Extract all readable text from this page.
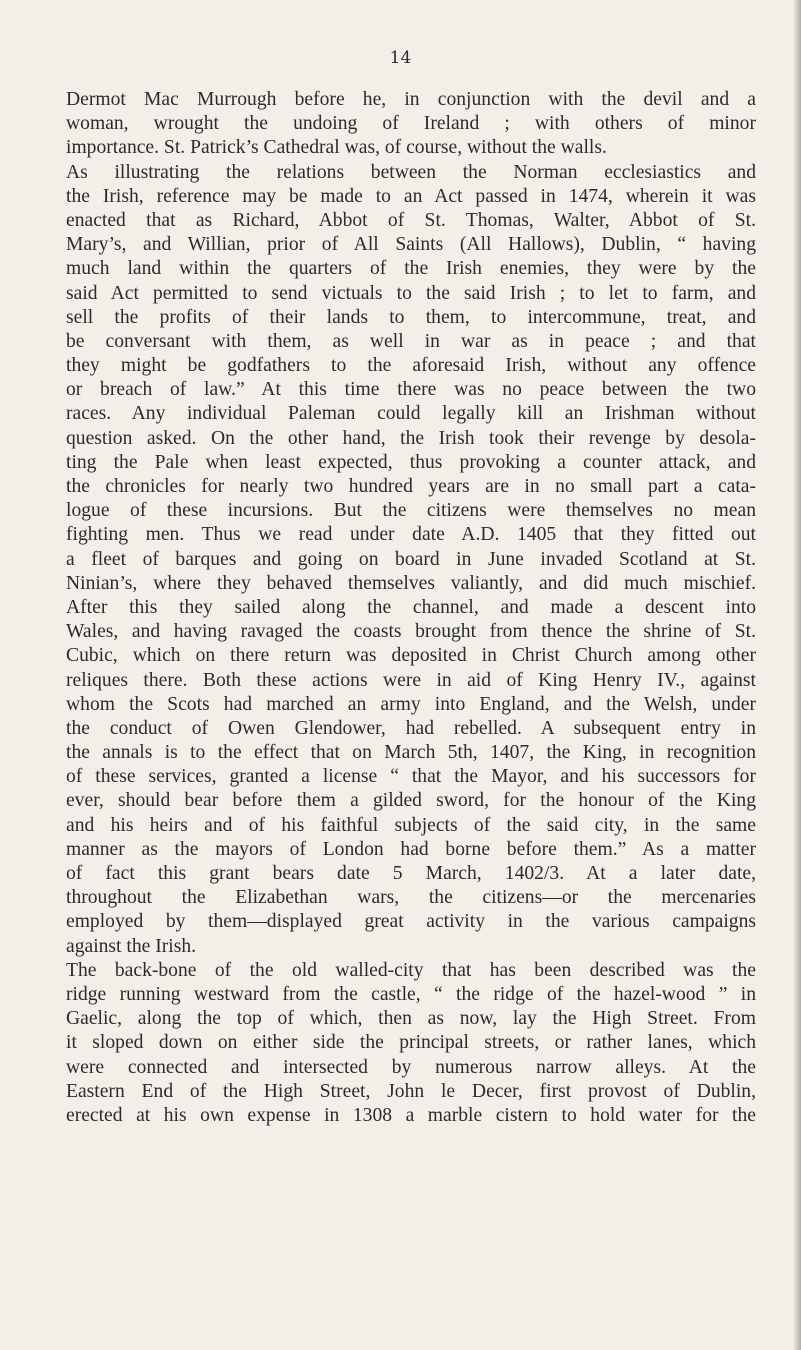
14

Dermot Mac Murrough before he, in conjunction with the devil and a
woman, wrought the undoing of Ireland ; with others of minor
importance. St. Patrick’s Cathedral was, of course, without the walls.
As illustrating the relations between the Norman ecclesiastics and
the Irish, reference may be made to an Act passed in 1474, wherein it was
enacted that as Richard, Abbot of St. Thomas, Walter, Abbot of St.
Mary’s, and Willian, prior of All Saints (All Hallows), Dublin, “ having
much land within the quarters of the Irish enemies, they were by the
said Act permitted to send victuals to the said Irish ; to let to farm, and
sell the profits of their lands to them, to intercommune, treat, and
be conversant with them, as well in war as in peace ; and that
they might be godfathers to the aforesaid Irish, without any offence
or breach of law.” At this time there was no peace between the two
races. Any individual Paleman could legally kill an Irishman without
question asked. On the other hand, the Irish took their revenge by desola-
ting the Pale when least expected, thus provoking a counter attack, and
the chronicles for nearly two hundred years are in no small part a cata-
logue of these incursions. But the citizens were themselves no mean
fighting men. Thus we read under date A.D. 1405 that they fitted out
a fleet of barques and going on board in June invaded Scotland at St.
Ninian’s, where they behaved themselves valiantly, and did much mischief.
After this they sailed along the channel, and made a descent into
Wales, and having ravaged the coasts brought from thence the shrine of St.
Cubic, which on there return was deposited in Christ Church among other
reliques there. Both these actions were in aid of King Henry IV., against
whom the Scots had marched an army into England, and the Welsh, under
the conduct of Owen Glendower, had rebelled. A subsequent entry in
the annals is to the effect that on March 5th, 1407, the King, in recognition
of these services, granted a license “ that the Mayor, and his successors for
ever, should bear before them a gilded sword, for the honour of the King
and his heirs and of his faithful subjects of the said city, in the same
manner as the mayors of London had borne before them.” As a matter
of fact this grant bears date 5 March, 1402/3. At a later date,
throughout the Elizabethan wars, the citizens—or the mercenaries
employed by them—displayed great activity in the various campaigns
against the Irish.
The back-bone of the old walled-city that has been described was the
ridge running westward from the castle, “ the ridge of the hazel-wood ” in
Gaelic, along the top of which, then as now, lay the High Street. From
it sloped down on either side the principal streets, or rather lanes, which
were connected and intersected by numerous narrow alleys. At the
Eastern End of the High Street, John le Decer, first provost of Dublin,
erected at his own expense in 1308 a marble cistern to hold water for the
